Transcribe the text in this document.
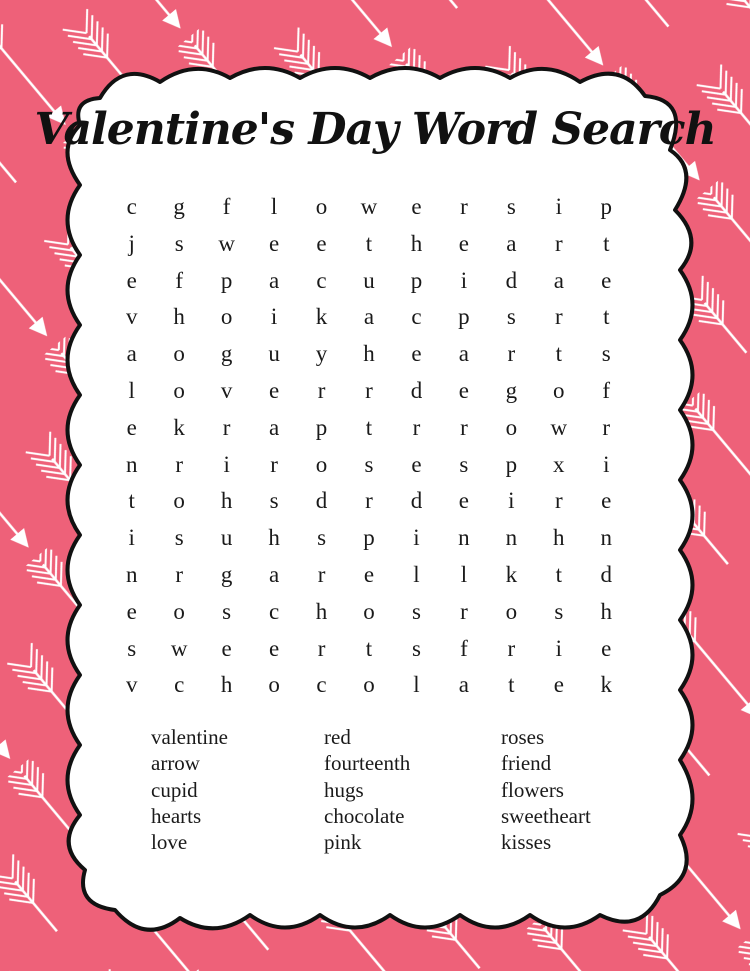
Valentine's Day Word Search
c	g	f	l	o	w	e	r	s	i	p
j	s	w	e	e	t	h	e	a	r	t
e	f	p	a	c	u	p	i	d	a	e
v	h	o	i	k	a	c	p	s	r	t
a	o	g	u	y	h	e	a	r	t	s
l	o	v	e	r	r	d	e	g	o	f
e	k	r	a	p	t	r	r	o	w	r
n	r	i	r	o	s	e	s	p	x	i
t	o	h	s	d	r	d	e	i	r	e
i	s	u	h	s	p	i	n	n	h	n
n	r	g	a	r	e	l	l	k	t	d
e	o	s	c	h	o	s	r	o	s	h
s	w	e	e	r	t	s	f	r	i	e
v	c	h	o	c	o	l	a	t	e	k
valentine
arrow
cupid
hearts
love
red
fourteenth
hugs
chocolate
pink
roses
friend
flowers
sweetheart
kisses
